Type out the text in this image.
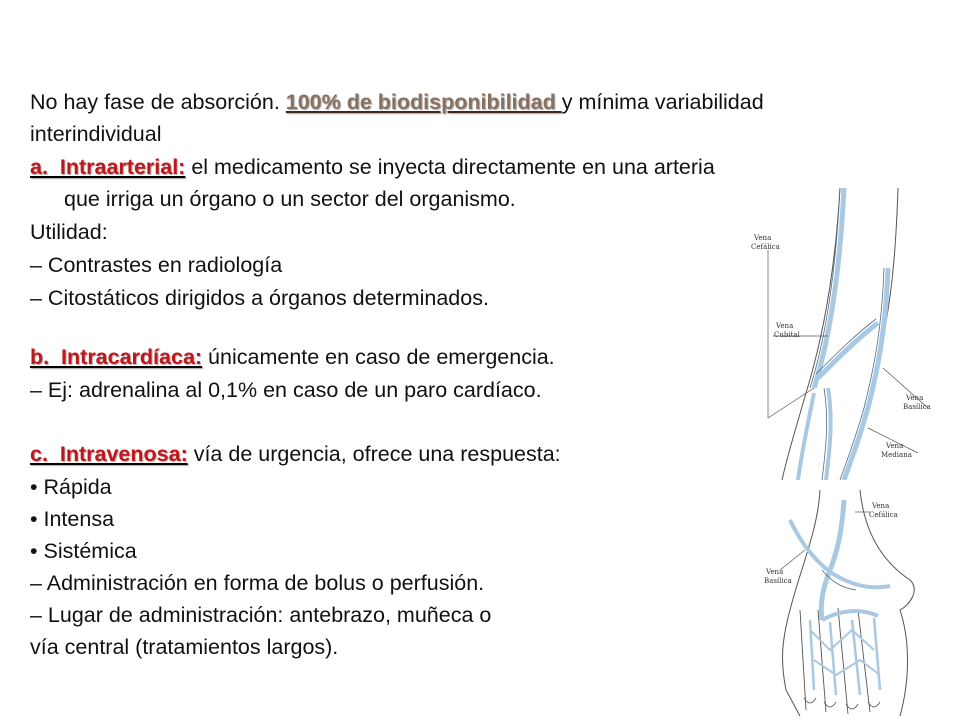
No hay fase de absorción. 100% de biodisponibilidad y mínima variabilidad
interindividual
a.  Intraarterial: el medicamento se inyecta directamente en una arteria
que irriga un órgano o un sector del organismo.
Utilidad:
– Contrastes en radiología
– Citostáticos dirigidos a órganos determinados.
b.  Intracardíaca: únicamente en caso de emergencia.
– Ej: adrenalina al 0,1% en caso de un paro cardíaco.
c.  Intravenosa: vía de urgencia, ofrece una respuesta:
• Rápida
• Intensa
• Sistémica
– Administración en forma de bolus o perfusión.
– Lugar de administración: antebrazo, muñeca o
vía central (tratamientos largos).
Vena
Cefálica
Vena
Cubital
Vena
Basílica
Vena
Mediana
Vena
Cefálica
Vena
Basílica
